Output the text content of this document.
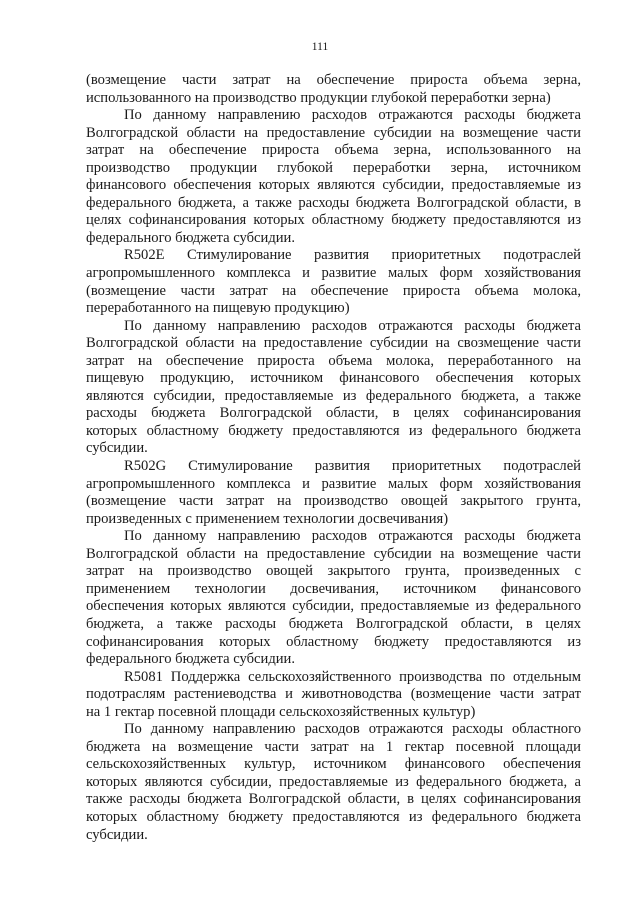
111
(возмещение части затрат на обеспечение прироста объема зерна,
использованного на производство продукции глубокой переработки зерна)
По данному направлению расходов отражаются расходы бюджета
Волгоградской области на предоставление субсидии на возмещение части
затрат на обеспечение прироста объема зерна, использованного на
производство продукции глубокой переработки зерна, источником
финансового обеспечения которых являются субсидии, предоставляемые из
федерального бюджета, а также расходы бюджета Волгоградской области, в
целях софинансирования которых областному бюджету предоставляются из
федерального бюджета субсидии.
R502E Стимулирование развития приоритетных подотраслей
агропромышленного комплекса и развитие малых форм хозяйствования
(возмещение части затрат на обеспечение прироста объема молока,
переработанного на пищевую продукцию)
По данному направлению расходов отражаются расходы бюджета
Волгоградской области на предоставление субсидии на свозмещение части
затрат на обеспечение прироста объема молока, переработанного на
пищевую продукцию, источником финансового обеспечения которых
являются субсидии, предоставляемые из федерального бюджета, а также
расходы бюджета Волгоградской области, в целях софинансирования
которых областному бюджету предоставляются из федерального бюджета
субсидии.
R502G Стимулирование развития приоритетных подотраслей
агропромышленного комплекса и развитие малых форм хозяйствования
(возмещение части затрат на производство овощей закрытого грунта,
произведенных с применением технологии досвечивания)
По данному направлению расходов отражаются расходы бюджета
Волгоградской области на предоставление субсидии на возмещение части
затрат на производство овощей закрытого грунта, произведенных с
применением технологии досвечивания, источником финансового
обеспечения которых являются субсидии, предоставляемые из федерального
бюджета, а также расходы бюджета Волгоградской области, в целях
софинансирования которых областному бюджету предоставляются из
федерального бюджета субсидии.
R5081 Поддержка сельскохозяйственного производства по отдельным
подотраслям растениеводства и животноводства (возмещение части затрат
на 1 гектар посевной площади сельскохозяйственных культур)
По данному направлению расходов отражаются расходы областного
бюджета на возмещение части затрат на 1 гектар посевной площади
сельскохозяйственных культур, источником финансового обеспечения
которых являются субсидии, предоставляемые из федерального бюджета, а
также расходы бюджета Волгоградской области, в целях софинансирования
которых областному бюджету предоставляются из федерального бюджета
субсидии.
